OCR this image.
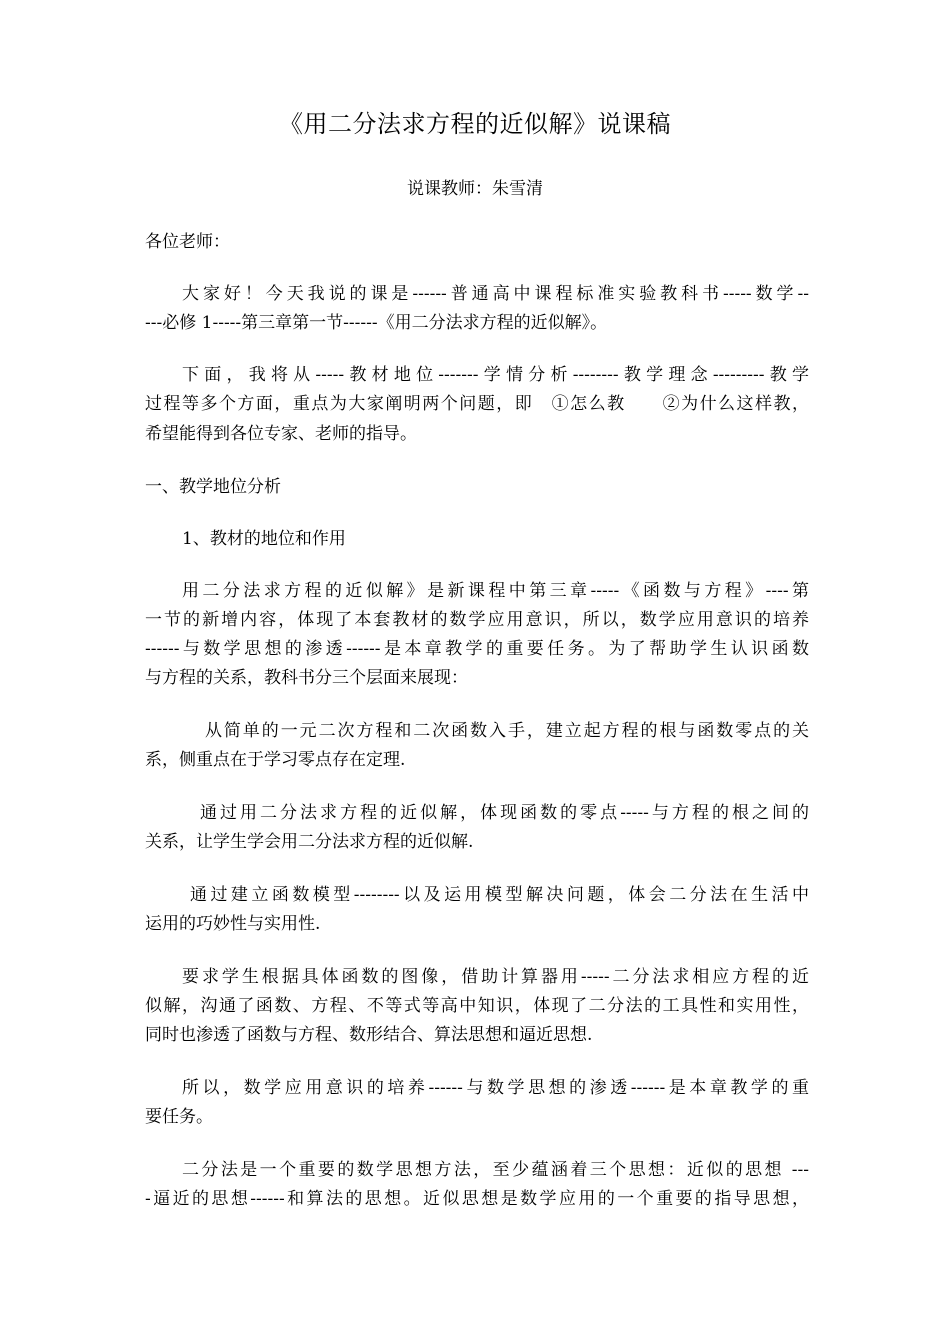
《用二分法求方程的近似解》说课稿
说课教师：朱雪清
各位老师：
大家好！今天我说的课是------普通高中课程标准实验教科书-----数学--
---必修 1-----第三章第一节------《用二分法求方程的近似解》。
下面，我将从-----教材地位-------学情分析--------教学理念---------教学
过程等多个方面，重点为大家阐明两个问题，即　①怎么教　　②为什么这样教，
希望能得到各位专家、老师的指导。
一、教学地位分析
1、教材的地位和作用
用二分法求方程的近似解》是新课程中第三章-----《函数与方程》----第
一节的新增内容，体现了本套教材的数学应用意识，所以，数学应用意识的培养
------与数学思想的渗透------是本章教学的重要任务。为了帮助学生认识函数
与方程的关系，教科书分三个层面来展现：
从简单的一元二次方程和二次函数入手，建立起方程的根与函数零点的关
系，侧重点在于学习零点存在定理.
通过用二分法求方程的近似解，体现函数的零点-----与方程的根之间的
关系，让学生学会用二分法求方程的近似解.
通过建立函数模型--------以及运用模型解决问题，体会二分法在生活中
运用的巧妙性与实用性.
要求学生根据具体函数的图像，借助计算器用-----二分法求相应方程的近
似解，沟通了函数、方程、不等式等高中知识，体现了二分法的工具性和实用性，
同时也渗透了函数与方程、数形结合、算法思想和逼近思想.
所以，数学应用意识的培养------与数学思想的渗透------是本章教学的重
要任务。
二分法是一个重要的数学思想方法，至少蕴涵着三个思想：近似的思想 ---
-逼近的思想------和算法的思想。近似思想是数学应用的一个重要的指导思想，
